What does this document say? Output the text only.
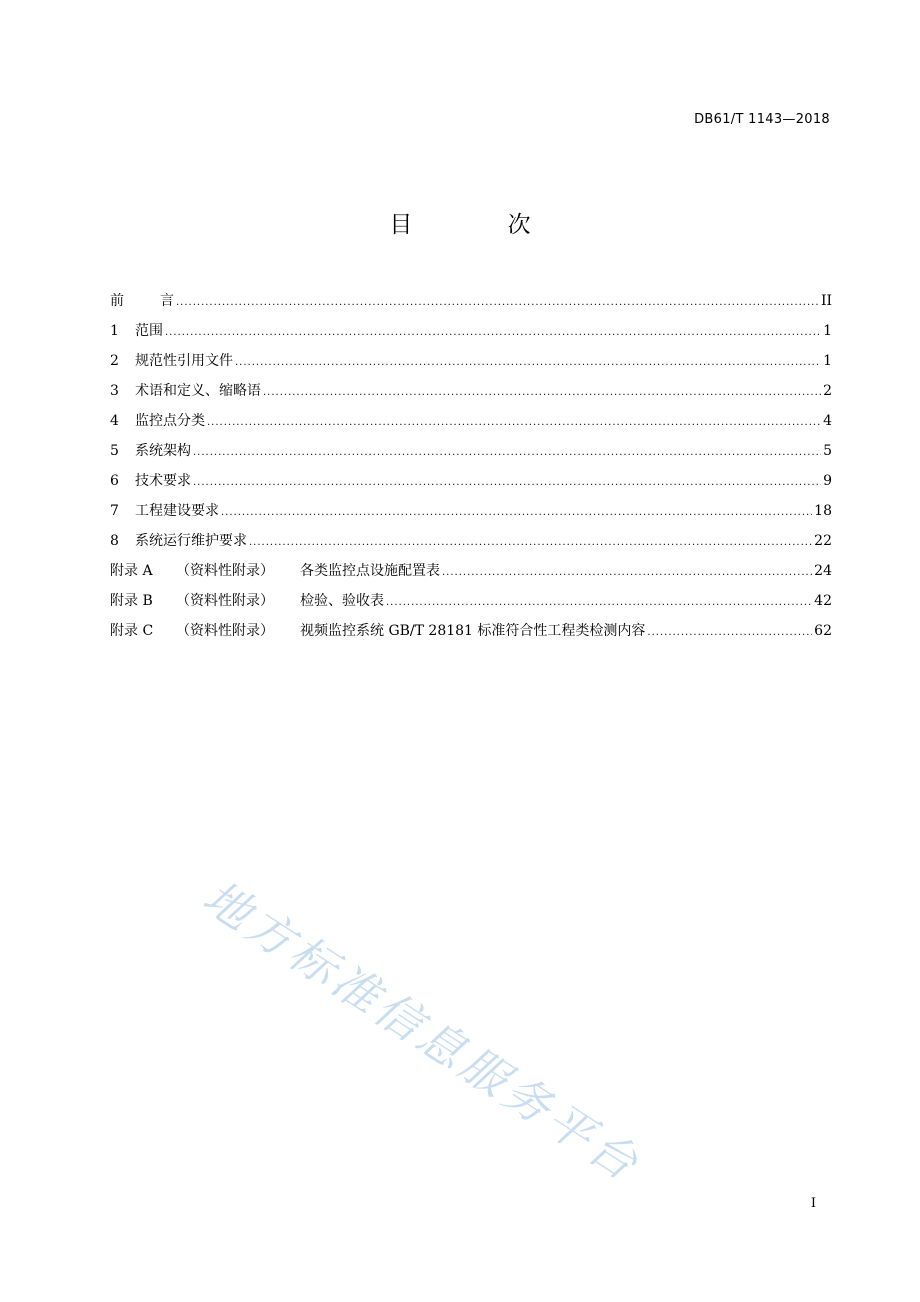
DB61/T 1143—2018
目 次
前	言 .....	II
1	范围 .....	1
2	规范性引用文件 .....	1
3	术语和定义、缩略语 .....	2
4	监控点分类 .....	4
5	系统架构 .....	5
6	技术要求 .....	9
7	工程建设要求 .....	18
8	系统运行维护要求 .....	22
附录 A	（资料性附录）	各类监控点设施配置表 .....	24
附录 B	（资料性附录）	检验、验收表 .....	42
附录 C	（资料性附录）	视频监控系统 GB/T 28181 标准符合性工程类检测内容 .....	62
地方标准信息服务平台
I
